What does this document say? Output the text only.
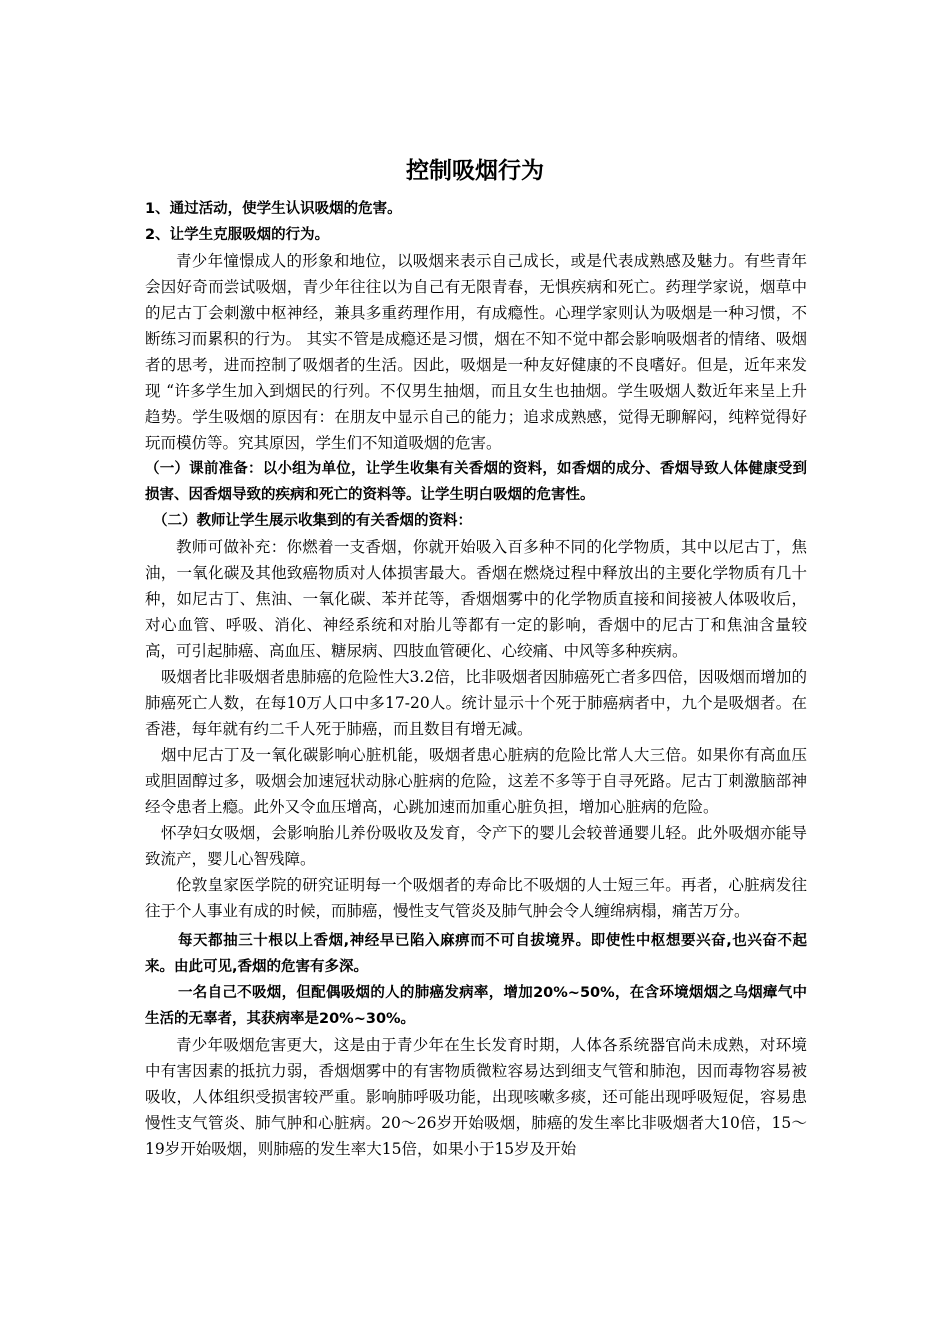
控制吸烟行为

1、通过活动，使学生认识吸烟的危害。

2、让学生克服吸烟的行为。

青少年憧憬成人的形象和地位，以吸烟来表示自己成长，或是代表成熟感及魅力。有些青年会因好奇而尝试吸烟，青少年往往以为自己有无限青春，无惧疾病和死亡。药理学家说，烟草中的尼古丁会刺激中枢神经，兼具多重药理作用，有成瘾性。心理学家则认为吸烟是一种习惯，不断练习而累积的行为。 其实不管是成瘾还是习惯，烟在不知不觉中都会影响吸烟者的情绪、吸烟者的思考，进而控制了吸烟者的生活。因此，吸烟是一种友好健康的不良嗜好。但是，近年来发现 “许多学生加入到烟民的行列。不仅男生抽烟，而且女生也抽烟。学生吸烟人数近年来呈上升趋势。学生吸烟的原因有：在朋友中显示自己的能力；追求成熟感，觉得无聊解闷，纯粹觉得好玩而模仿等。究其原因，学生们不知道吸烟的危害。

（一）课前准备：以小组为单位，让学生收集有关香烟的资料，如香烟的成分、香烟导致人体健康受到损害、因香烟导致的疾病和死亡的资料等。让学生明白吸烟的危害性。

（二）教师让学生展示收集到的有关香烟的资料：

教师可做补充：你燃着一支香烟，你就开始吸入百多种不同的化学物质，其中以尼古丁，焦油，一氧化碳及其他致癌物质对人体损害最大。香烟在燃烧过程中释放出的主要化学物质有几十种，如尼古丁、焦油、一氧化碳、苯并芘等，香烟烟雾中的化学物质直接和间接被人体吸收后，对心血管、呼吸、消化、神经系统和对胎儿等都有一定的影响，香烟中的尼古丁和焦油含量较高，可引起肺癌、高血压、糖尿病、四肢血管硬化、心绞痛、中风等多种疾病。

吸烟者比非吸烟者患肺癌的危险性大3.2倍，比非吸烟者因肺癌死亡者多四倍，因吸烟而增加的肺癌死亡人数，在每10万人口中多17-20人。统计显示十个死于肺癌病者中，九个是吸烟者。在香港，每年就有约二千人死于肺癌，而且数目有增无减。

烟中尼古丁及一氧化碳影响心脏机能，吸烟者患心脏病的危险比常人大三倍。如果你有高血压或胆固醇过多，吸烟会加速冠状动脉心脏病的危险，这差不多等于自寻死路。尼古丁刺激脑部神经令患者上瘾。此外又令血压增高，心跳加速而加重心脏负担，增加心脏病的危险。

怀孕妇女吸烟，会影响胎儿养份吸收及发育，令产下的婴儿会较普通婴儿轻。此外吸烟亦能导致流产，婴儿心智残障。

伦敦皇家医学院的研究证明每一个吸烟者的寿命比不吸烟的人士短三年。再者，心脏病发往往于个人事业有成的时候，而肺癌，慢性支气管炎及肺气肿会令人缠绵病榻，痛苦万分。

每天都抽三十根以上香烟,神经早已陷入麻痹而不可自拔境界。即使性中枢想要兴奋,也兴奋不起来。由此可见,香烟的危害有多深。

一名自己不吸烟，但配偶吸烟的人的肺癌发病率，增加20%~50%，在含环境烟烟之乌烟瘴气中生活的无辜者，其获病率是20%~30%。

青少年吸烟危害更大，这是由于青少年在生长发育时期，人体各系统器官尚未成熟，对环境中有害因素的抵抗力弱，香烟烟雾中的有害物质微粒容易达到细支气管和肺泡，因而毒物容易被吸收，人体组织受损害较严重。影响肺呼吸功能，出现咳嗽多痰，还可能出现呼吸短促，容易患慢性支气管炎、肺气肿和心脏病。20～26岁开始吸烟，肺癌的发生率比非吸烟者大10倍，15～19岁开始吸烟，则肺癌的发生率大15倍，如果小于15岁及开始
